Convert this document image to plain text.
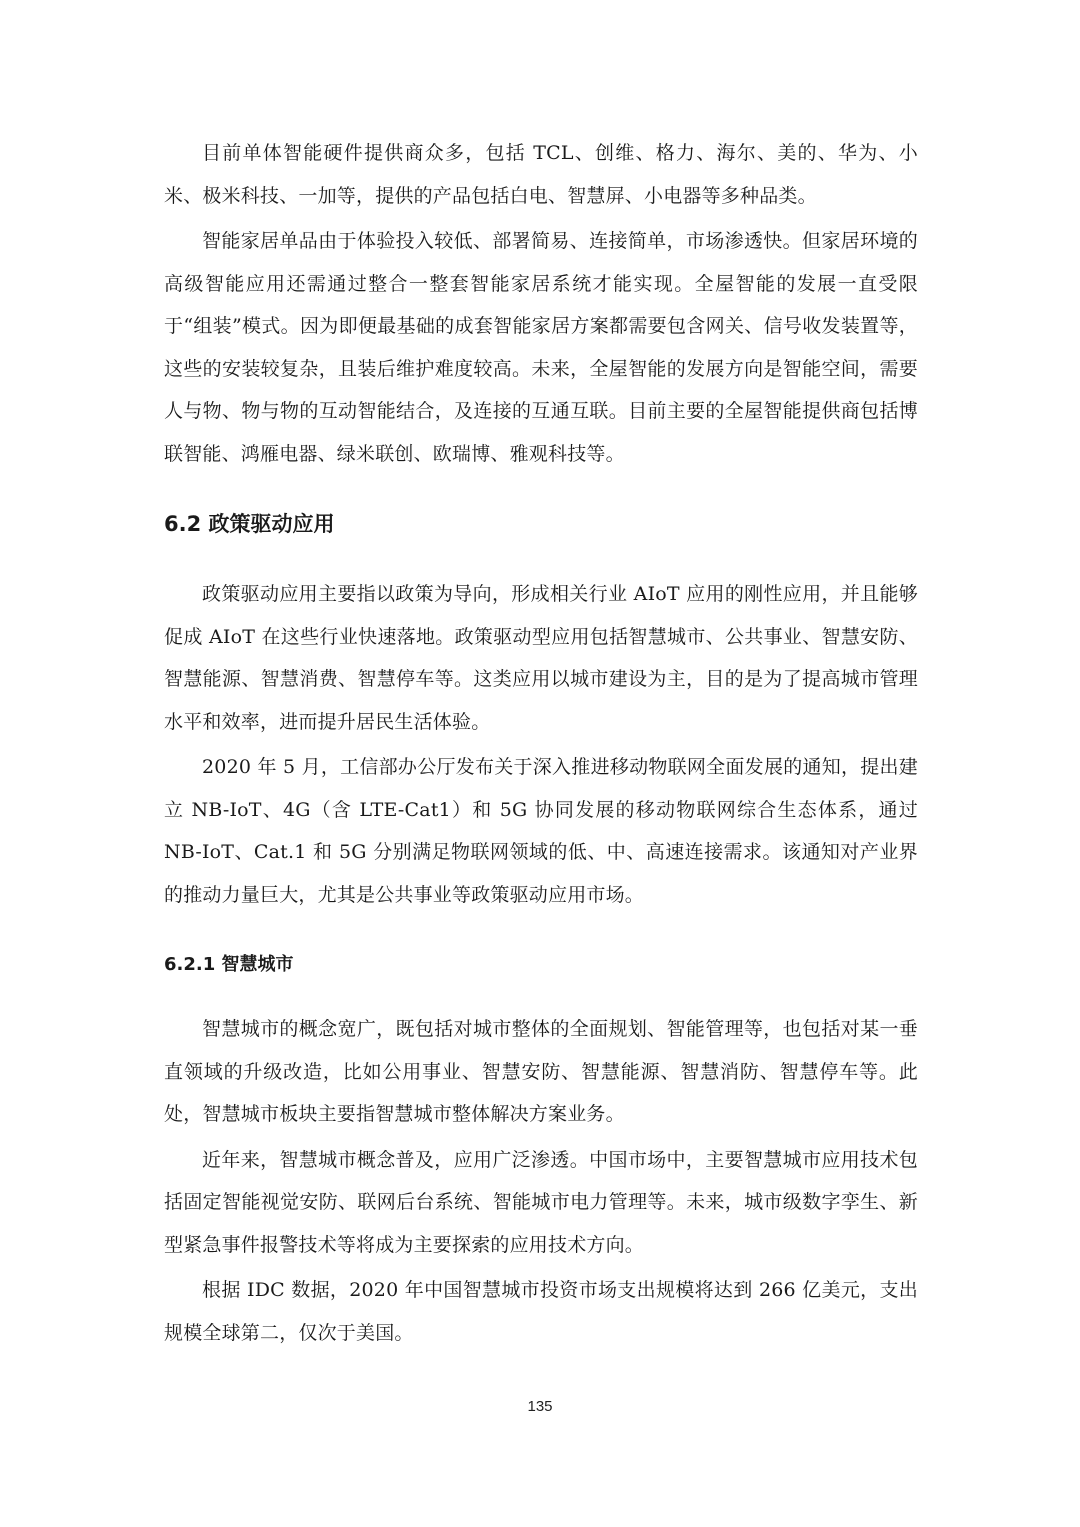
目前单体智能硬件提供商众多，包括 TCL、创维、格力、海尔、美的、华为、小米、极米科技、一加等，提供的产品包括白电、智慧屏、小电器等多种品类。

智能家居单品由于体验投入较低、部署简易、连接简单，市场渗透快。但家居环境的高级智能应用还需通过整合一整套智能家居系统才能实现。全屋智能的发展一直受限于“组装”模式。因为即便最基础的成套智能家居方案都需要包含网关、信号收发装置等，这些的安装较复杂，且装后维护难度较高。未来，全屋智能的发展方向是智能空间，需要人与物、物与物的互动智能结合，及连接的互通互联。目前主要的全屋智能提供商包括博联智能、鸿雁电器、绿米联创、欧瑞博、雅观科技等。

6.2 政策驱动应用

政策驱动应用主要指以政策为导向，形成相关行业 AIoT 应用的刚性应用，并且能够促成 AIoT 在这些行业快速落地。政策驱动型应用包括智慧城市、公共事业、智慧安防、智慧能源、智慧消费、智慧停车等。这类应用以城市建设为主，目的是为了提高城市管理水平和效率，进而提升居民生活体验。

2020 年 5 月，工信部办公厅发布关于深入推进移动物联网全面发展的通知，提出建立 NB-IoT、4G（含 LTE-Cat1）和 5G 协同发展的移动物联网综合生态体系，通过 NB-IoT、Cat.1 和 5G 分别满足物联网领域的低、中、高速连接需求。该通知对产业界的推动力量巨大，尤其是公共事业等政策驱动应用市场。

6.2.1 智慧城市

智慧城市的概念宽广，既包括对城市整体的全面规划、智能管理等，也包括对某一垂直领域的升级改造，比如公用事业、智慧安防、智慧能源、智慧消防、智慧停车等。此处，智慧城市板块主要指智慧城市整体解决方案业务。

近年来，智慧城市概念普及，应用广泛渗透。中国市场中，主要智慧城市应用技术包括固定智能视觉安防、联网后台系统、智能城市电力管理等。未来，城市级数字孪生、新型紧急事件报警技术等将成为主要探索的应用技术方向。

根据 IDC 数据，2020 年中国智慧城市投资市场支出规模将达到 266 亿美元，支出规模全球第二，仅次于美国。

135
